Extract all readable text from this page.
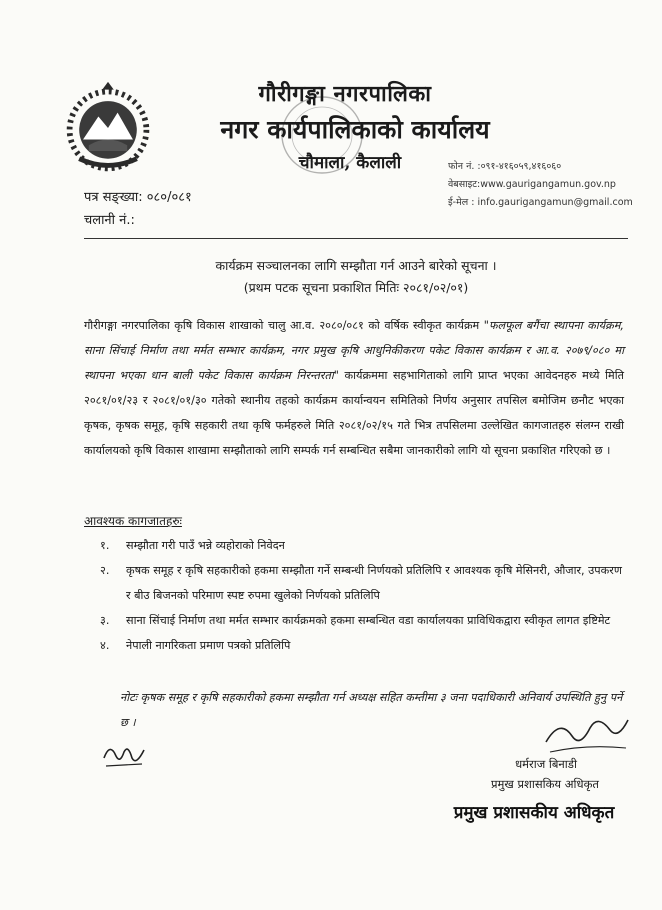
गौरीगङ्गा नगरपालिका
नगर कार्यपालिकाको कार्यालय
चौमाला, कैलाली
पत्र सङ्ख्या: ०८०/०८१
चलानी नं.:
फोन नं. :०९१-४१६०५९,४१६०६०
वेबसाइट:www.gaurigangamun.gov.np
ई-मेल : info.gaurigangamun@gmail.com
कार्यक्रम सञ्चालनका लागि सम्झौता गर्न आउने बारेको सूचना ।
(प्रथम पटक सूचना प्रकाशित मितिः २०८१/०२/०१)
गौरीगङ्गा नगरपालिका कृषि विकास शाखाको चालु आ.व. २०८०/०८१ को वर्षिक स्वीकृत कार्यक्रम "फलफूल बगैंचा स्थापना कार्यक्रम, साना सिंचाई निर्माण तथा मर्मत सम्भार कार्यक्रम, नगर प्रमुख कृषि आधुनिकीकरण पकेट विकास कार्यक्रम र आ.व. २०७९/०८० मा स्थापना भएका धान बाली पकेट विकास कार्यक्रम निरन्तरता" कार्यक्रममा सहभागिताको लागि प्राप्त भएका आवेदनहरु मध्ये मिति २०८१/०१/२३ र २०८१/०१/३० गतेको स्थानीय तहको कार्यक्रम कार्यान्वयन समितिको निर्णय अनुसार तपसिल बमोजिम छनौट भएका कृषक, कृषक समूह, कृषि सहकारी तथा कृषि फर्महरुले मिति २०८१/०२/१५ गते भित्र तपसिलमा उल्लेखित कागजातहरु संलग्न राखी कार्यालयको कृषि विकास शाखामा सम्झौताको लागि सम्पर्क गर्न सम्बन्धित सबैमा जानकारीको लागि यो सूचना प्रकाशित गरिएको छ ।
आवश्यक कागजातहरुः
१.	सम्झौता गरी पाउँ भन्ने व्यहोराको निवेदन
२.	कृषक समूह र कृषि सहकारीको हकमा सम्झौता गर्ने सम्बन्धी निर्णयको प्रतिलिपि र आवश्यक कृषि मेसिनरी, औजार, उपकरण र बीउ बिजनको परिमाण स्पष्ट रुपमा खुलेको निर्णयको प्रतिलिपि
३.	साना सिंचाई निर्माण तथा मर्मत सम्भार कार्यक्रमको हकमा सम्बन्धित वडा कार्यालयका प्राविधिकद्वारा स्वीकृत लागत इष्टिमेट
४.	नेपाली नागरिकता प्रमाण पत्रको प्रतिलिपि
नोटः कृषक समूह र कृषि सहकारीको हकमा सम्झौता गर्न अध्यक्ष सहित कम्तीमा ३ जना पदाधिकारी अनिवार्य उपस्थिति हुनु पर्ने छ ।
धर्मराज बिनाडी
प्रमुख प्रशासकिय अधिकृत
प्रमुख प्रशासकीय अधिकृत
